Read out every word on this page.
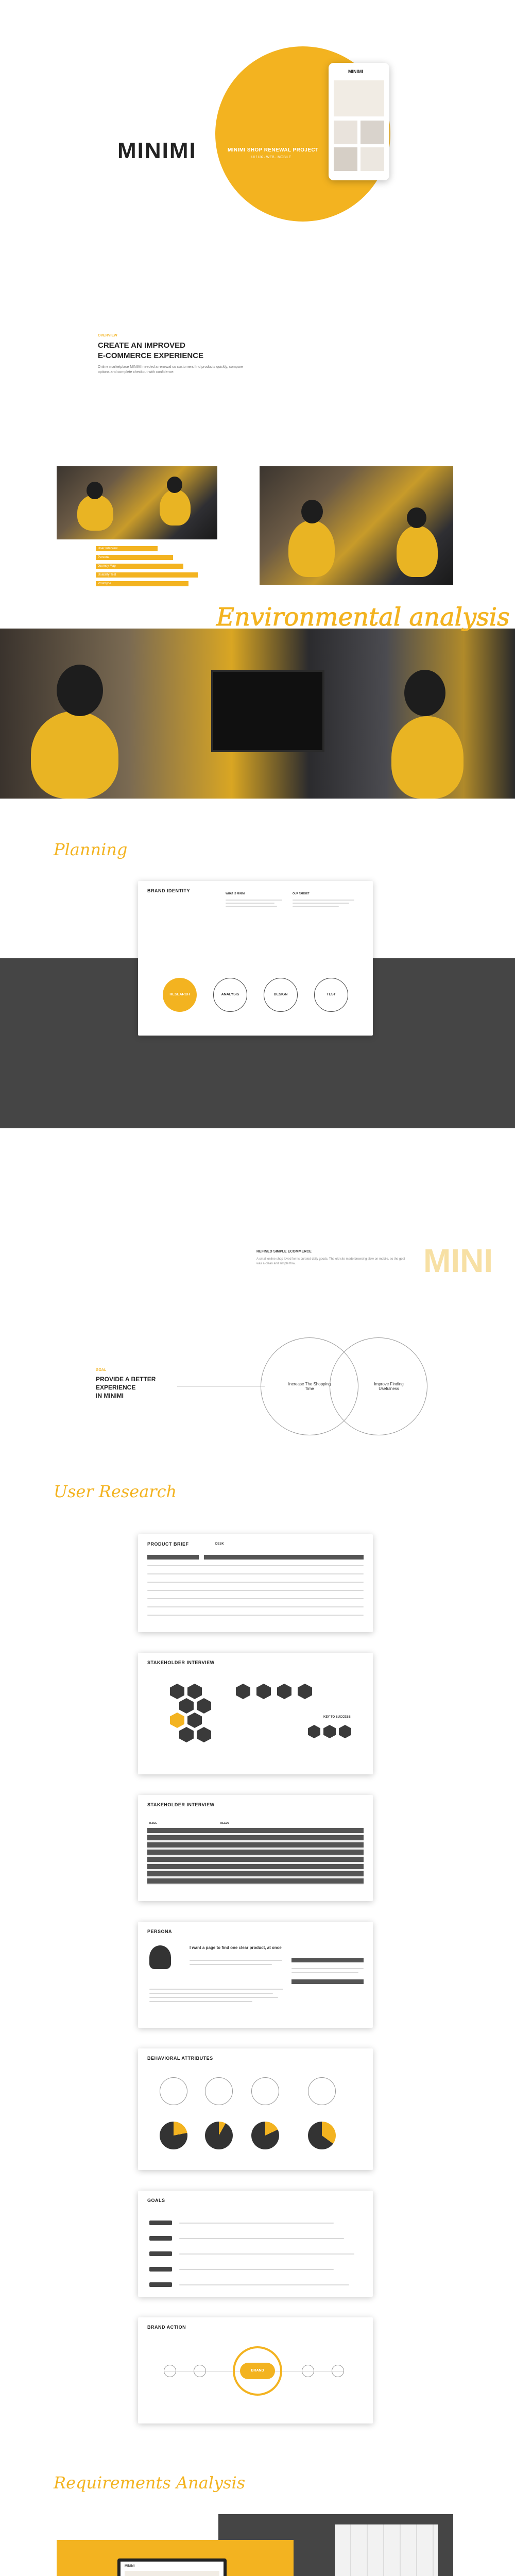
MINIMI	MINIMI SHOP RENEWAL PROJECT
UI / UX · WEB · MOBILE
MINIMI
OVERVIEW
CREATE AN IMPROVED
E-COMMERCE EXPERIENCE
Online marketplace MINIMI needed a renewal so customers find products quickly, compare options and complete checkout with confidence.
User Interview
Persona
Journey Map
Usability Test
Prototype
Environmental analysis
Planning
BRAND IDENTITY
WHAT IS MINIMI	OUR TARGET
RESEARCH	ANALYSIS	DESIGN	TEST
REFINED SIMPLE ECOMMERCE
A small online shop loved for its curated daily goods. The old site made browsing slow on mobile, so the goal was a clean and simple flow.	MINI
GOAL
PROVIDE A BETTER
EXPERIENCE
IN MINIMI
Increase The Shopping Time
Improve Finding Usefulness
User Research
PRODUCT BRIEF	DESK
STAKEHOLDER INTERVIEW
KEY TO SUCCESS
STAKEHOLDER INTERVIEW
ISSUE	NEEDS
PERSONA
I want a page to find one clear product, at once
BEHAVIORAL ATTRIBUTES
GOALS
BRAND ACTION
BRAND
Requirements Analysis
MINIMI
